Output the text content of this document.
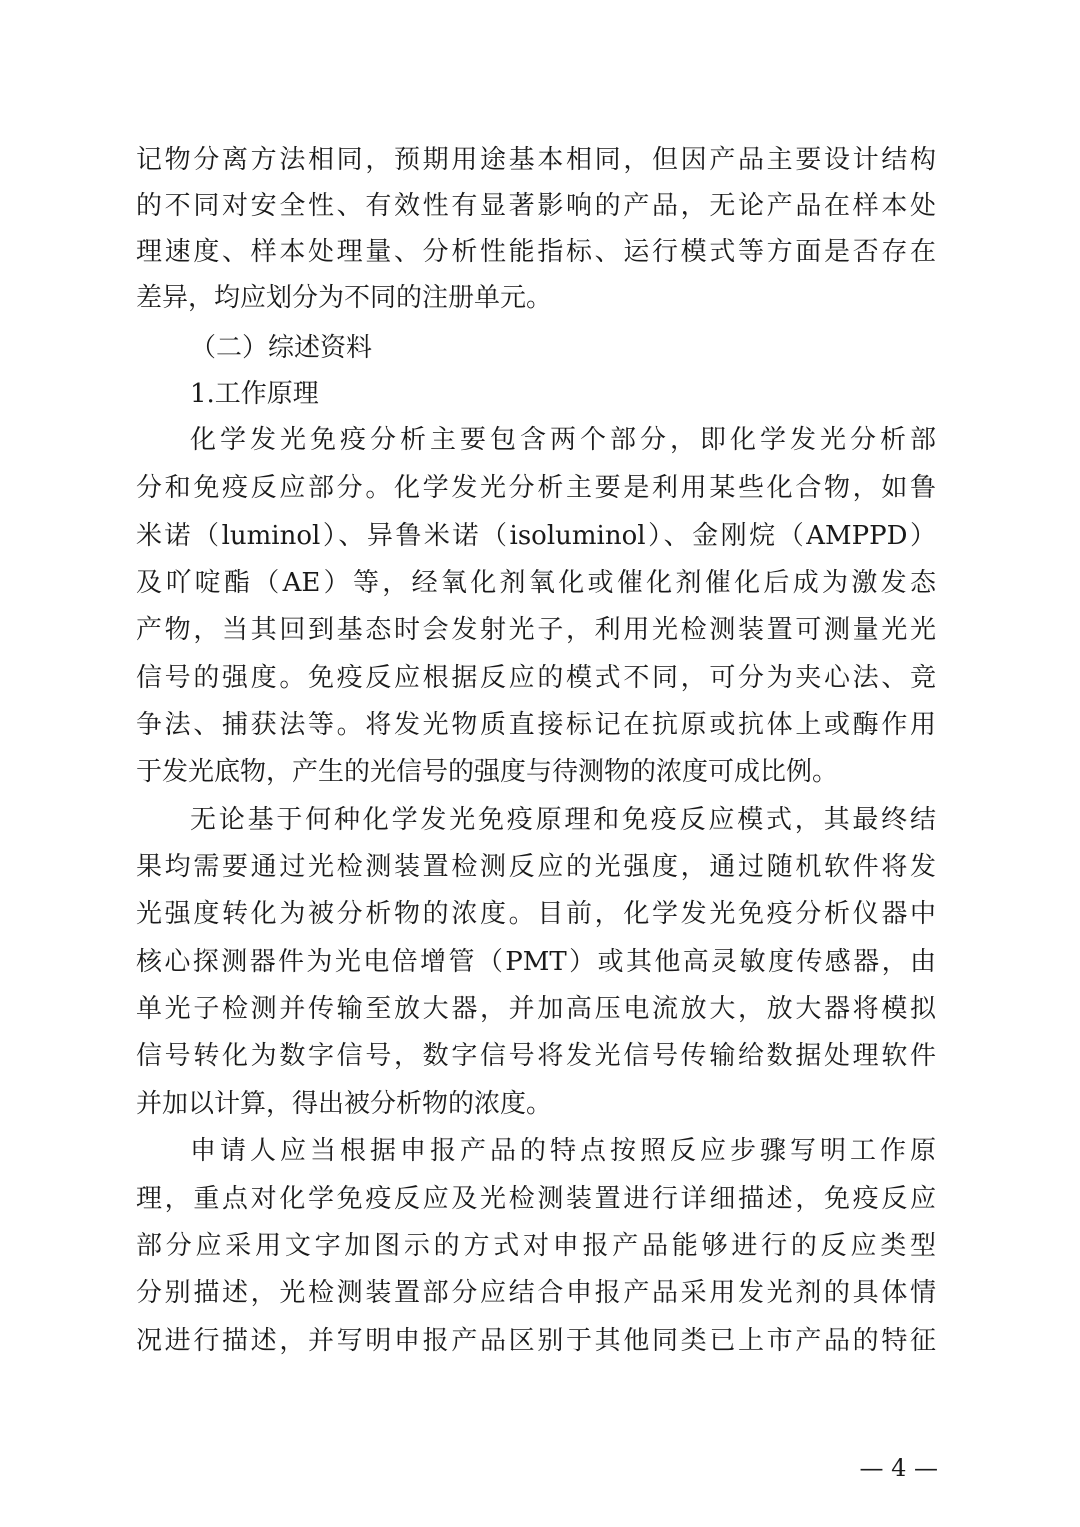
记物分离方法相同，预期用途基本相同，但因产品主要设计结构
的不同对安全性、有效性有显著影响的产品，无论产品在样本处
理速度、样本处理量、分析性能指标、运行模式等方面是否存在
差异，均应划分为不同的注册单元。
（二）综述资料
1.工作原理
化学发光免疫分析主要包含两个部分，即化学发光分析部
分和免疫反应部分。化学发光分析主要是利用某些化合物，如鲁
米诺（luminol）、异鲁米诺（isoluminol）、金刚烷（AMPPD）
及吖啶酯（AE）等，经氧化剂氧化或催化剂催化后成为激发态
产物，当其回到基态时会发射光子，利用光检测装置可测量光光
信号的强度。免疫反应根据反应的模式不同，可分为夹心法、竞
争法、捕获法等。将发光物质直接标记在抗原或抗体上或酶作用
于发光底物，产生的光信号的强度与待测物的浓度可成比例。
无论基于何种化学发光免疫原理和免疫反应模式，其最终结
果均需要通过光检测装置检测反应的光强度，通过随机软件将发
光强度转化为被分析物的浓度。目前，化学发光免疫分析仪器中
核心探测器件为光电倍增管（PMT）或其他高灵敏度传感器，由
单光子检测并传输至放大器，并加高压电流放大，放大器将模拟
信号转化为数字信号，数字信号将发光信号传输给数据处理软件
并加以计算，得出被分析物的浓度。
申请人应当根据申报产品的特点按照反应步骤写明工作原
理，重点对化学免疫反应及光检测装置进行详细描述，免疫反应
部分应采用文字加图示的方式对申报产品能够进行的反应类型
分别描述，光检测装置部分应结合申报产品采用发光剂的具体情
况进行描述，并写明申报产品区别于其他同类已上市产品的特征
— 4 —
